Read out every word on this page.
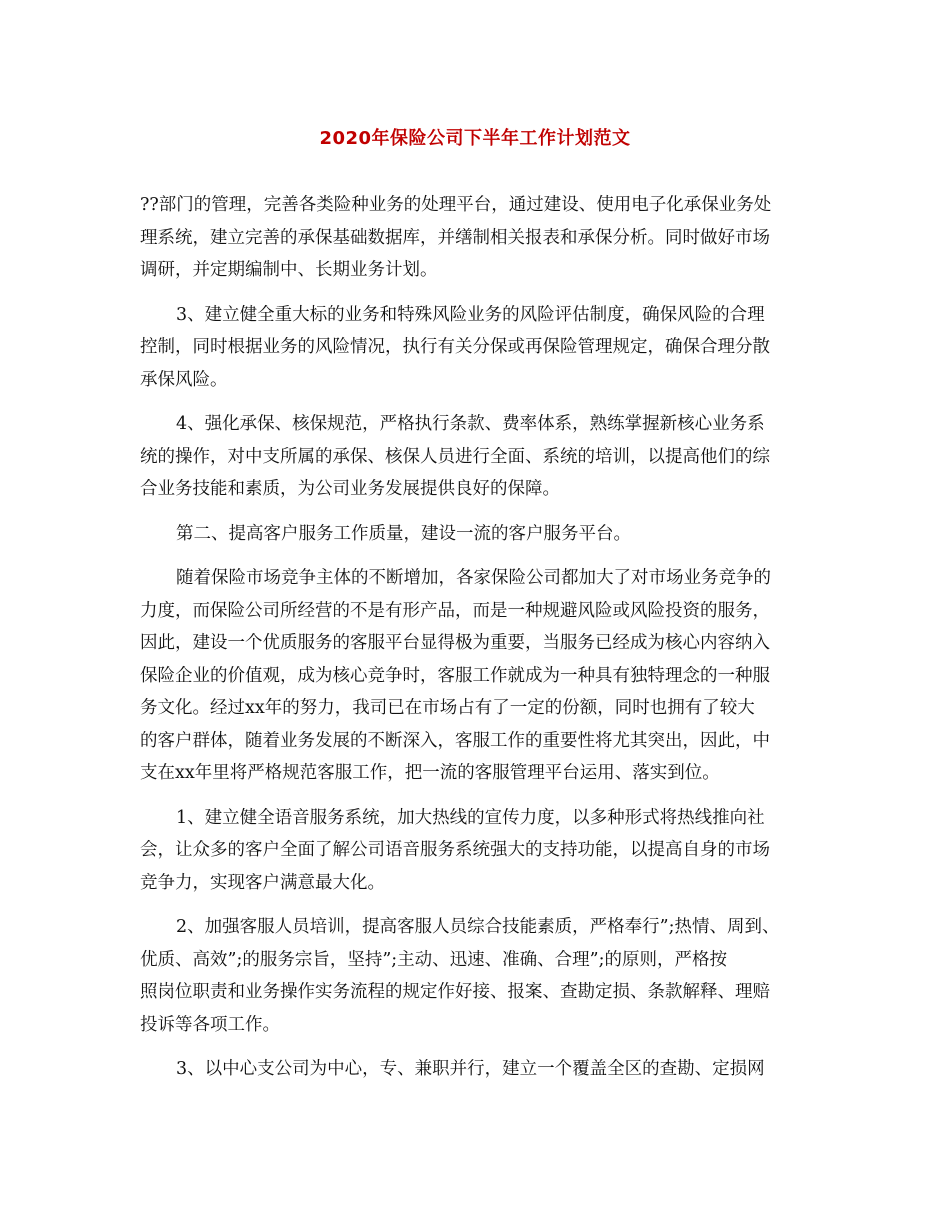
2020年保险公司下半年工作计划范文
??部门的管理，完善各类险种业务的处理平台，通过建设、使用电子化承保业务处
理系统，建立完善的承保基础数据库，并缮制相关报表和承保分析。同时做好市场
调研，并定期编制中、长期业务计划。
3、建立健全重大标的业务和特殊风险业务的风险评估制度，确保风险的合理
控制，同时根据业务的风险情况，执行有关分保或再保险管理规定，确保合理分散
承保风险。
4、强化承保、核保规范，严格执行条款、费率体系，熟练掌握新核心业务系
统的操作，对中支所属的承保、核保人员进行全面、系统的培训，以提高他们的综
合业务技能和素质，为公司业务发展提供良好的保障。
第二、提高客户服务工作质量，建设一流的客户服务平台。
随着保险市场竞争主体的不断增加，各家保险公司都加大了对市场业务竞争的
力度，而保险公司所经营的不是有形产品，而是一种规避风险或风险投资的服务，
因此，建设一个优质服务的客服平台显得极为重要，当服务已经成为核心内容纳入
保险企业的价值观，成为核心竞争时，客服工作就成为一种具有独特理念的一种服
务文化。经过xx年的努力，我司已在市场占有了一定的份额，同时也拥有了较大
的客户群体，随着业务发展的不断深入，客服工作的重要性将尤其突出，因此，中
支在xx年里将严格规范客服工作，把一流的客服管理平台运用、落实到位。
1、建立健全语音服务系统，加大热线的宣传力度，以多种形式将热线推向社
会，让众多的客户全面了解公司语音服务系统强大的支持功能，以提高自身的市场
竞争力，实现客户满意最大化。
2、加强客服人员培训，提高客服人员综合技能素质，严格奉行”;热情、周到、
优质、高效”;的服务宗旨，坚持”;主动、迅速、准确、合理”;的原则，严格按
照岗位职责和业务操作实务流程的规定作好接、报案、查勘定损、条款解释、理赔
投诉等各项工作。
3、以中心支公司为中心，专、兼职并行，建立一个覆盖全区的查勘、定损网
